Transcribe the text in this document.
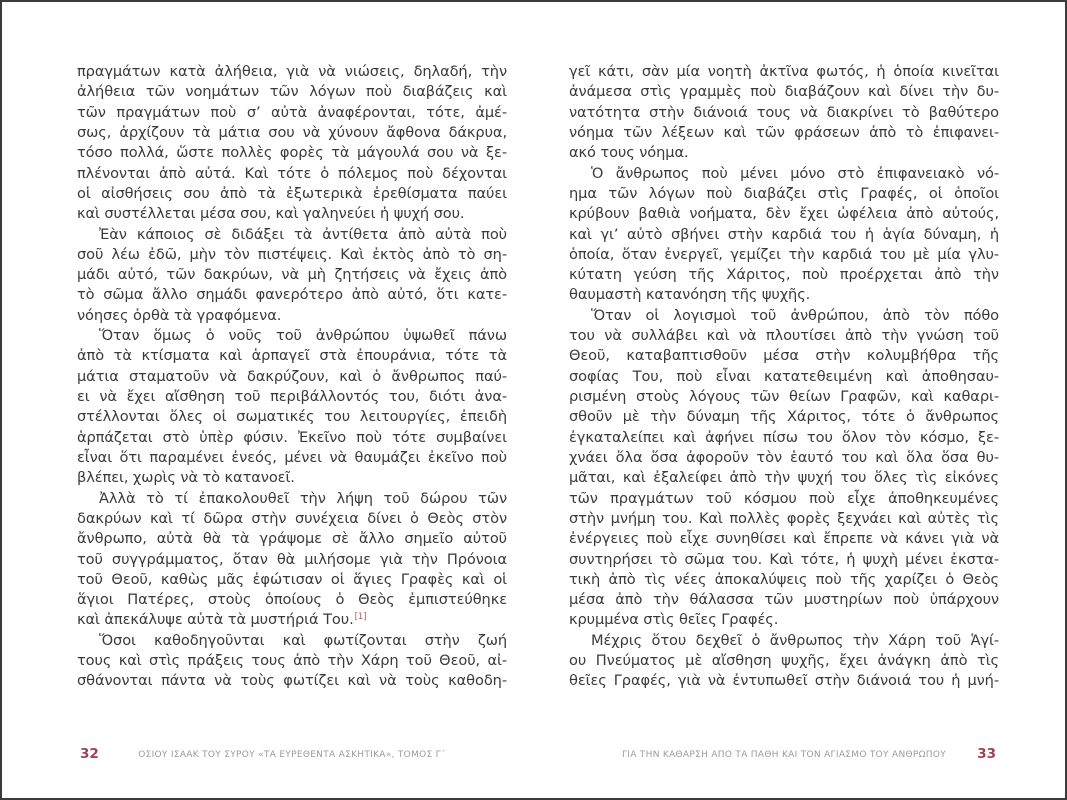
πραγμάτων κατὰ ἀλήθεια, γιὰ νὰ νιώσεις, δηλαδή, τὴν
ἀλήθεια τῶν νοημάτων τῶν λόγων ποὺ διαβάζεις καὶ
τῶν πραγμάτων ποὺ σ’ αὐτὰ ἀναφέρονται, τότε, ἀμέ-
σως, ἀρχίζουν τὰ μάτια σου νὰ χύνουν ἄφθονα δάκρυα,
τόσο πολλά, ὥστε πολλὲς φορὲς τὰ μάγουλά σου νὰ ξε-
πλένονται ἀπὸ αὐτά. Καὶ τότε ὁ πόλεμος ποὺ δέχονται
οἱ αἰσθήσεις σου ἀπὸ τὰ ἐξωτερικὰ ἐρεθίσματα παύει
καὶ συστέλλεται μέσα σου, καὶ γαληνεύει ἡ ψυχή σου.
Ἐὰν κάποιος σὲ διδάξει τὰ ἀντίθετα ἀπὸ αὐτὰ ποὺ
σοῦ λέω ἐδῶ, μὴν τὸν πιστέψεις. Καὶ ἐκτὸς ἀπὸ τὸ ση-
μάδι αὐτό, τῶν δακρύων, νὰ μὴ ζητήσεις νὰ ἔχεις ἀπὸ
τὸ σῶμα ἄλλο σημάδι φανερότερο ἀπὸ αὐτό, ὅτι κατε-
νόησες ὀρθὰ τὰ γραφόμενα.
Ὅταν ὅμως ὁ νοῦς τοῦ ἀνθρώπου ὑψωθεῖ πάνω
ἀπὸ τὰ κτίσματα καὶ ἁρπαγεῖ στὰ ἐπουράνια, τότε τὰ
μάτια σταματοῦν νὰ δακρύζουν, καὶ ὁ ἄνθρωπος παύ-
ει νὰ ἔχει αἴσθηση τοῦ περιβάλλοντός του, διότι ἀνα-
στέλλονται ὅλες οἱ σωματικές του λειτουργίες, ἐπειδὴ
ἁρπάζεται στὸ ὑπὲρ φύσιν. Ἐκεῖνο ποὺ τότε συμβαίνει
εἶναι ὅτι παραμένει ἐνεός, μένει νὰ θαυμάζει ἐκεῖνο ποὺ
βλέπει, χωρὶς νὰ τὸ κατανοεῖ.
Ἀλλὰ τὸ τί ἐπακολουθεῖ τὴν λήψη τοῦ δώρου τῶν
δακρύων καὶ τί δῶρα στὴν συνέχεια δίνει ὁ Θεὸς στὸν
ἄνθρωπο, αὐτὰ θὰ τὰ γράψομε σὲ ἄλλο σημεῖο αὐτοῦ
τοῦ συγγράμματος, ὅταν θὰ μιλήσομε γιὰ τὴν Πρόνοια
τοῦ Θεοῦ, καθὼς μᾶς ἐφώτισαν οἱ ἅγιες Γραφὲς καὶ οἱ
ἅγιοι Πατέρες, στοὺς ὁποίους ὁ Θεὸς ἐμπιστεύθηκε
καὶ ἀπεκάλυψε αὐτὰ τὰ μυστήριά Του.[1]
Ὅσοι καθοδηγοῦνται καὶ φωτίζονται στὴν ζωή
τους καὶ στὶς πράξεις τους ἀπὸ τὴν Χάρη τοῦ Θεοῦ, αἰ-
σθάνονται πάντα νὰ τοὺς φωτίζει καὶ νὰ τοὺς καθοδη-
32	ΟΣΙΟΥ ΙΣΑΑΚ ΤΟΥ ΣΥΡΟΥ «ΤΑ ΕΥΡΕΘΕΝΤΑ ΑΣΚΗΤΙΚΑ», ΤΟΜΟΣ Γ΄
γεῖ κάτι, σὰν μία νοητὴ ἀκτῖνα φωτός, ἡ ὁποία κινεῖται
ἀνάμεσα στὶς γραμμὲς ποὺ διαβάζουν καὶ δίνει τὴν δυ-
νατότητα στὴν διάνοιά τους νὰ διακρίνει τὸ βαθύτερο
νόημα τῶν λέξεων καὶ τῶν φράσεων ἀπὸ τὸ ἐπιφανει-
ακό τους νόημα.
Ὁ ἄνθρωπος ποὺ μένει μόνο στὸ ἐπιφανειακὸ νό-
ημα τῶν λόγων ποὺ διαβάζει στὶς Γραφές, οἱ ὁποῖοι
κρύβουν βαθιὰ νοήματα, δὲν ἔχει ὠφέλεια ἀπὸ αὐτούς,
καὶ γι’ αὐτὸ σβήνει στὴν καρδιά του ἡ ἁγία δύναμη, ἡ
ὁποία, ὅταν ἐνεργεῖ, γεμίζει τὴν καρδιά του μὲ μία γλυ-
κύτατη γεύση τῆς Χάριτος, ποὺ προέρχεται ἀπὸ τὴν
θαυμαστὴ κατανόηση τῆς ψυχῆς.
Ὅταν οἱ λογισμοὶ τοῦ ἀνθρώπου, ἀπὸ τὸν πόθο
του νὰ συλλάβει καὶ νὰ πλουτίσει ἀπὸ τὴν γνώση τοῦ
Θεοῦ, καταβαπτισθοῦν μέσα στὴν κολυμβήθρα τῆς
σοφίας Του, ποὺ εἶναι κατατεθειμένη καὶ ἀποθησαυ-
ρισμένη στοὺς λόγους τῶν θείων Γραφῶν, καὶ καθαρι-
σθοῦν μὲ τὴν δύναμη τῆς Χάριτος, τότε ὁ ἄνθρωπος
ἐγκαταλείπει καὶ ἀφήνει πίσω του ὅλον τὸν κόσμο, ξε-
χνάει ὅλα ὅσα ἀφοροῦν τὸν ἑαυτό του καὶ ὅλα ὅσα θυ-
μᾶται, καὶ ἐξαλείφει ἀπὸ τὴν ψυχή του ὅλες τὶς εἰκόνες
τῶν πραγμάτων τοῦ κόσμου ποὺ εἶχε ἀποθηκευμένες
στὴν μνήμη του. Καὶ πολλὲς φορὲς ξεχνάει καὶ αὐτὲς τὶς
ἐνέργειες ποὺ εἶχε συνηθίσει καὶ ἔπρεπε νὰ κάνει γιὰ νὰ
συντηρήσει τὸ σῶμα του. Καὶ τότε, ἡ ψυχὴ μένει ἐκστα-
τικὴ ἀπὸ τὶς νέες ἀποκαλύψεις ποὺ τῆς χαρίζει ὁ Θεὸς
μέσα ἀπὸ τὴν θάλασσα τῶν μυστηρίων ποὺ ὑπάρχουν
κρυμμένα στὶς θεῖες Γραφές.
Μέχρις ὅτου δεχθεῖ ὁ ἄνθρωπος τὴν Χάρη τοῦ Ἁγί-
ου Πνεύματος μὲ αἴσθηση ψυχῆς, ἔχει ἀνάγκη ἀπὸ τὶς
θεῖες Γραφές, γιὰ νὰ ἐντυπωθεῖ στὴν διάνοιά του ἡ μνή-
ΓΙΑ ΤΗΝ ΚΑΘΑΡΣΗ ΑΠΟ ΤΑ ΠΑΘΗ ΚΑΙ ΤΟΝ ΑΓΙΑΣΜΟ ΤΟΥ ΑΝΘΡΩΠΟΥ	33
